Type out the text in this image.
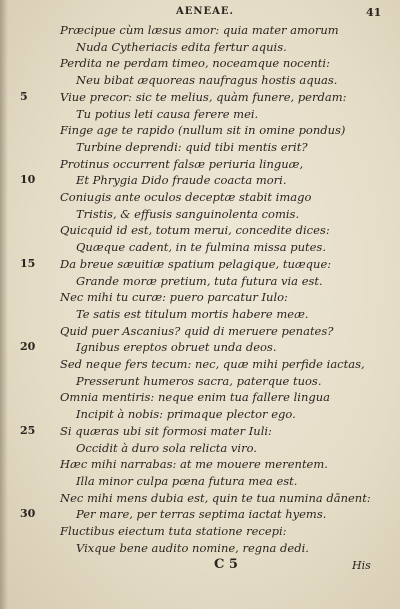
AENEAE.	41
Præcipue cùm læsus amor: quia mater amorum
Nuda Cytheriacis edita fertur aquis.
Perdita ne perdam timeo, noceamque nocenti:
Neu bibat æquoreas naufragus hostis aquas.
5	Viue precor: sic te melius, quàm funere, perdam:
Tu potius leti causa ferere mei.
Finge age te rapido (nullum sit in omine pondus)
Turbine deprendi: quid tibi mentis erit?
Protinus occurrent falsæ periuria linguæ,
10	Et Phrygia Dido fraude coacta mori.
Coniugis ante oculos deceptæ stabit imago
Tristis, & effusis sanguinolenta comis.
Quicquid id est, totum merui, concedite dices:
Quæque cadent, in te fulmina missa putes.
15 Da breue sæuitiæ spatium pelagique, tuæque:
Grande moræ pretium, tuta futura via est.
Nec mihi tu curæ: puero parcatur Iulo:
Te satis est titulum mortis habere meæ.
Quid puer Ascanius? quid di meruere penates?
20	Ignibus ereptos obruet unda deos.
Sed neque fers tecum: nec, quæ mihi perfide iactas,
Presserunt humeros sacra, paterque tuos.
Omnia mentiris: neque enim tua fallere lingua
Incipit à nobis: primaque plector ego.
25 Si quæras ubi sit formosi mater Iuli:
Occidit à duro sola relicta viro.
Hæc mihi narrabas: at me mouere merentem.
Illa minor culpa pœna futura mea est.
Nec mihi mens dubia est, quin te tua numina dānent:
30	Per mare, per terras septima iactat hyems.
Fluctibus eiectum tuta statione recepi:
Vixque bene audito nomine, regna dedi.
C 5	His
